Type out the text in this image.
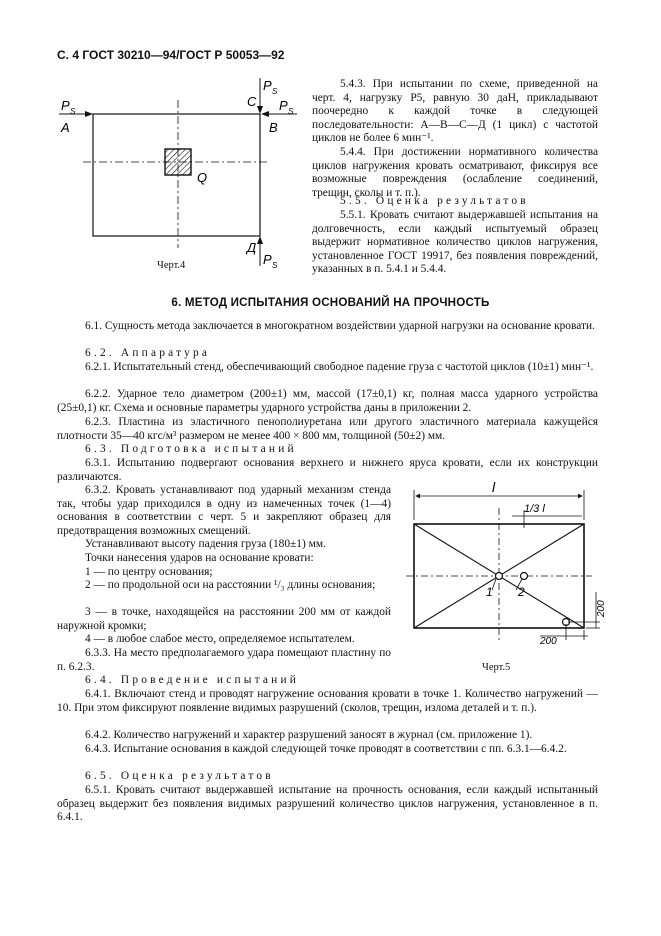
С. 4 ГОСТ 30210—94/ГОСТ Р 50053—92
P S
A
C
P S
P S
B
Q
Д
P S
Черт.4

5.4.3. При испытании по схеме, приведенной на черт. 4, нагрузку P5, равную 30 даН, прикладывают поочередно к каждой точке в следующей последовательности: А—В—С—Д (1 цикл) с частотой циклов не более 6 мин⁻¹.

5.4.4. При достижении нормативного количества циклов нагружения кровать осматривают, фиксируя все возможные повреждения (ослабление соединений, трещин, сколы и т. п.).

5.5. Оценка результатов

5.5.1. Кровать считают выдержавшей испытания на долговечность, если каждый испытуемый образец выдержит нормативное количество циклов нагружения, установленное ГОСТ 19917, без появления повреждений, указанных в п. 5.4.1 и 5.4.4.

6. МЕТОД ИСПЫТАНИЯ ОСНОВАНИЙ НА ПРОЧНОСТЬ

6.1. Сущность метода заключается в многократном воздействии ударной нагрузки на основание кровати.

6.2. Аппаратура

6.2.1. Испытательный стенд, обеспечивающий свободное падение груза с частотой циклов (10±1) мин⁻¹.

6.2.2. Ударное тело диаметром (200±1) мм, массой (17±0,1) кг, полная масса ударного устройства (25±0,1) кг. Схема и основные параметры ударного устройства даны в приложении 2.

6.2.3. Пластина из эластичного пенополиуретана или другого эластичного материала кажущейся плотности 35—40 кгс/м³ размером не менее 400 × 800 мм, толщиной (50±2) мм.

6.3. Подготовка испытаний

6.3.1. Испытанию подвергают основания верхнего и нижнего яруса кровати, если их конструкции различаются.

6.3.2. Кровать устанавливают под ударный механизм стенда так, чтобы удар приходился в одну из намеченных точек (1—4) основания в соответствии с черт. 5 и закрепляют образец для предотвращения возможных смещений.

Устанавливают высоту падения груза (180±1) мм.

Точки нанесения ударов на основание кровати:

1 — по центру основания;

2 — по продольной оси на расстоянии ¹/₃ длины основания;

3 — в точке, находящейся на расстоянии 200 мм от каждой наружной кромки;

4 — в любое слабое место, определяемое испытателем.

6.3.3. На место предполагаемого удара помещают пластину по п. 6.2.3.

l
1/3 l
1 2
200
200
Черт.5

6.4. Проведение испытаний

6.4.1. Включают стенд и проводят нагружение основания кровати в точке 1. Количество нагружений — 10. При этом фиксируют появление видимых разрушений (сколов, трещин, излома деталей и т. п.).

6.4.2. Количество нагружений и характер разрушений заносят в журнал (см. приложение 1).

6.4.3. Испытание основания в каждой следующей точке проводят в соответствии с пп. 6.3.1—6.4.2.

6.5. Оценка результатов

6.5.1. Кровать считают выдержавшей испытание на прочность основания, если каждый испытанный образец выдержит без появления видимых разрушений количество циклов нагружения, установленное в п. 6.4.1.
